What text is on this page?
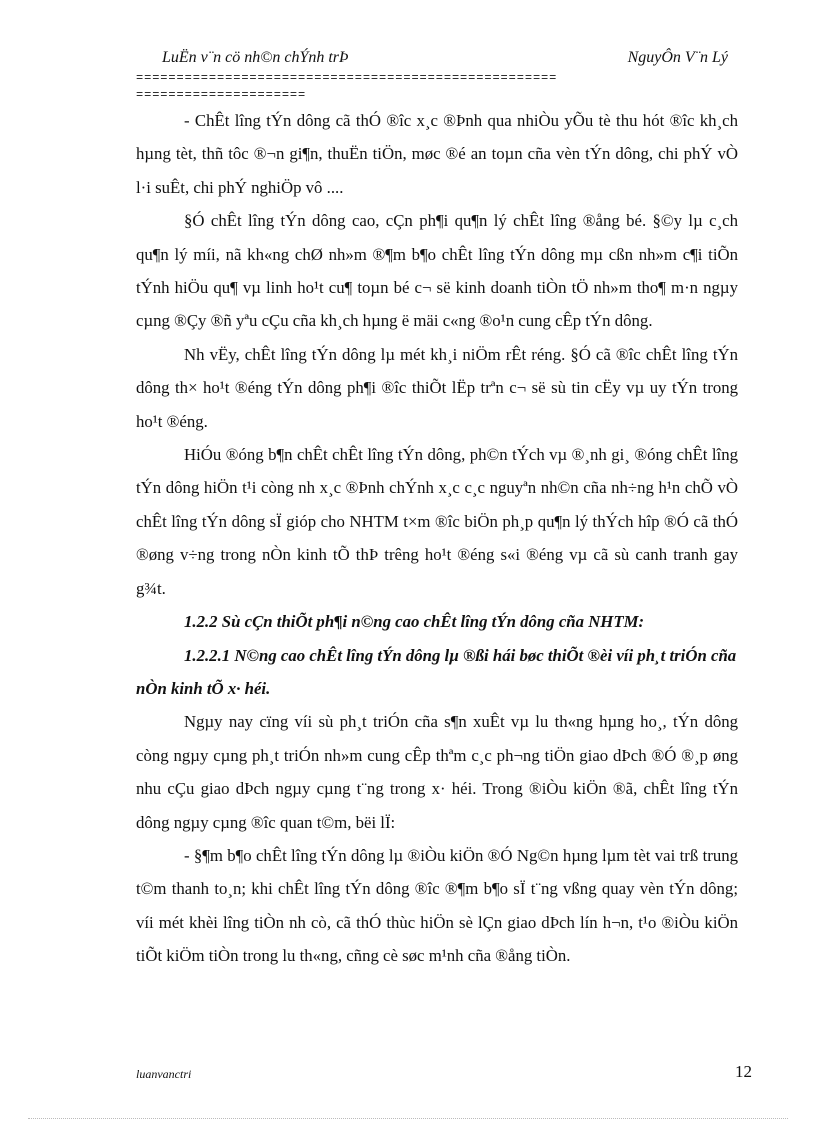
LuËn v¨n cö nh©n chÝnh trÞ	NguyÔn V¨n Lý
====================================================
=====================

- ChÊt lîng tÝn dông cã thÓ ®îc x¸c ®Þnh qua nhiÒu yÕu tè thu hót ®îc kh¸ch hµng tèt, thñ tôc ®¬n gi¶n, thuËn tiÖn, møc ®é an toµn cña vèn tÝn dông, chi phÝ vÒ l·i suÊt, chi phÝ nghiÖp vô ....

§Ó chÊt lîng tÝn dông cao, cÇn ph¶i qu¶n lý chÊt lîng ®ång bé. §©y lµ c¸ch qu¶n lý míi, nã kh«ng chØ nh»m ®¶m b¶o chÊt lîng tÝn dông mµ cßn nh»m c¶i tiÕn tÝnh hiÖu qu¶ vµ linh ho¹t cu¶ toµn bé c¬ së kinh doanh tiÒn tÖ nh»m tho¶ m·n ngµy cµng ®Çy ®ñ yªu cÇu cña kh¸ch hµng ë mäi c«ng ®o¹n cung cÊp tÝn dông.

Nh vËy, chÊt lîng tÝn dông lµ mét kh¸i niÖm rÊt réng. §Ó cã ®îc chÊt lîng tÝn dông th× ho¹t ®éng tÝn dông ph¶i ®îc thiÕt lËp trªn c¬ së sù tin cËy vµ uy tÝn trong ho¹t ®éng.

HiÓu ®óng b¶n chÊt chÊt lîng tÝn dông, ph©n tÝch vµ ®¸nh gi¸ ®óng chÊt lîng tÝn dông hiÖn t¹i còng nh x¸c ®Þnh chÝnh x¸c c¸c nguyªn nh©n cña nh÷ng h¹n chÕ vÒ chÊt lîng tÝn dông sÏ gióp cho NHTM t×m ®îc biÖn ph¸p qu¶n lý thÝch hîp ®Ó cã thÓ ®øng v÷ng trong nÒn kinh tÕ thÞ trêng ho¹t ®éng s«i ®éng vµ cã sù canh tranh gay g¾t.

1.2.2 Sù cÇn thiÕt ph¶i n©ng cao chÊt lîng tÝn dông cña NHTM:

1.2.2.1 N©ng cao chÊt lîng tÝn dông lµ ®ßi hái bøc thiÕt ®èi víi ph¸t triÓn cña nÒn kinh tÕ x· héi.

Ngµy nay cïng víi sù ph¸t triÓn cña s¶n xuÊt vµ lu th«ng hµng ho¸, tÝn dông còng ngµy cµng ph¸t triÓn nh»m cung cÊp thªm c¸c ph¬ng tiÖn giao dÞch ®Ó ®¸p øng nhu cÇu giao dÞch ngµy cµng t¨ng trong x· héi. Trong ®iÒu kiÖn ®ã, chÊt lîng tÝn dông ngµy cµng ®îc quan t©m, bëi lÏ:

- §¶m b¶o chÊt lîng tÝn dông lµ ®iÒu kiÖn ®Ó Ng©n hµng lµm tèt vai trß trung t©m thanh to¸n; khi chÊt lîng tÝn dông ®îc ®¶m b¶o sÏ t¨ng vßng quay vèn tÝn dông; víi mét khèi lîng tiÒn nh cò, cã thÓ thùc hiÖn sè lÇn giao dÞch lín h¬n, t¹o ®iÒu kiÖn tiÕt kiÖm tiÒn trong lu th«ng, cñng cè søc m¹nh cña ®ång tiÒn.

luanvanctri	12
